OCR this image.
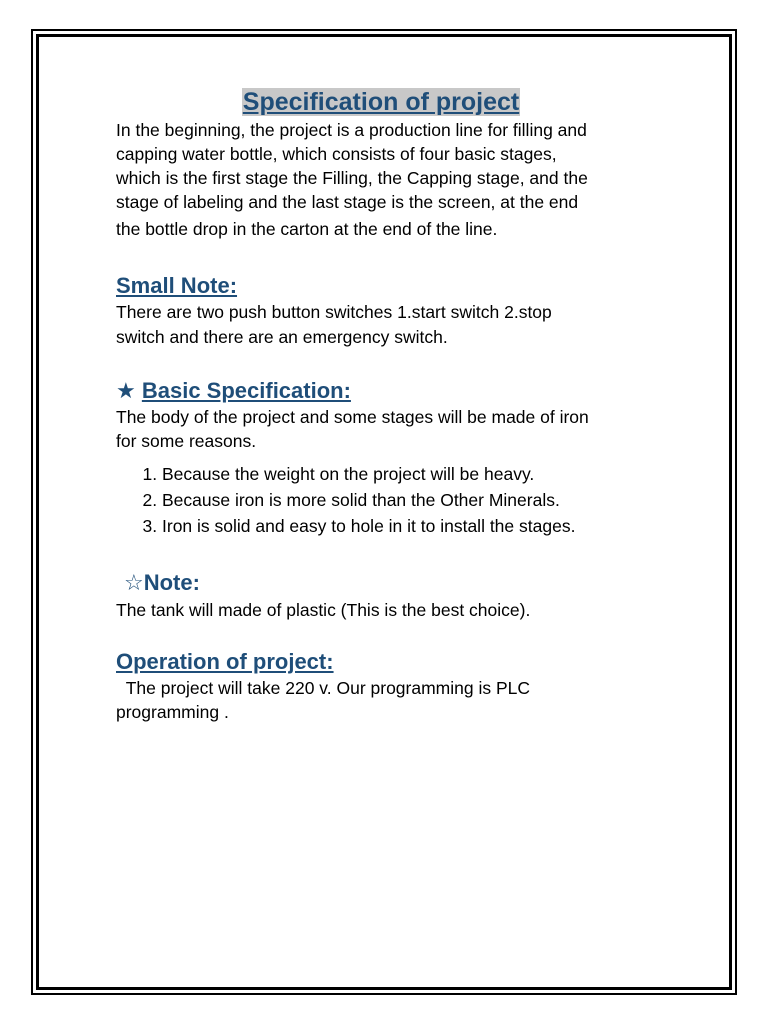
Specification of project

In the beginning, the project is a production line for filling and

capping water bottle, which consists of four basic stages,

which is the first stage the Filling, the Capping stage, and the

stage of labeling and the last stage is the screen, at the end

the bottle drop in the carton at the end of the line.

Small Note:

There are two push button switches 1.start switch 2.stop

switch and there are an emergency switch.

★ Basic Specification:

The body of the project and some stages will be made of iron

for some reasons.

1. Because the weight on the project will be heavy.
2. Because iron is more solid than the Other Minerals.
3. Iron is solid and easy to hole in it to install the stages.
☆Note:

The tank will made of plastic (This is the best choice).

Operation of project:

The project will take 220 v. Our programming is PLC

programming .
